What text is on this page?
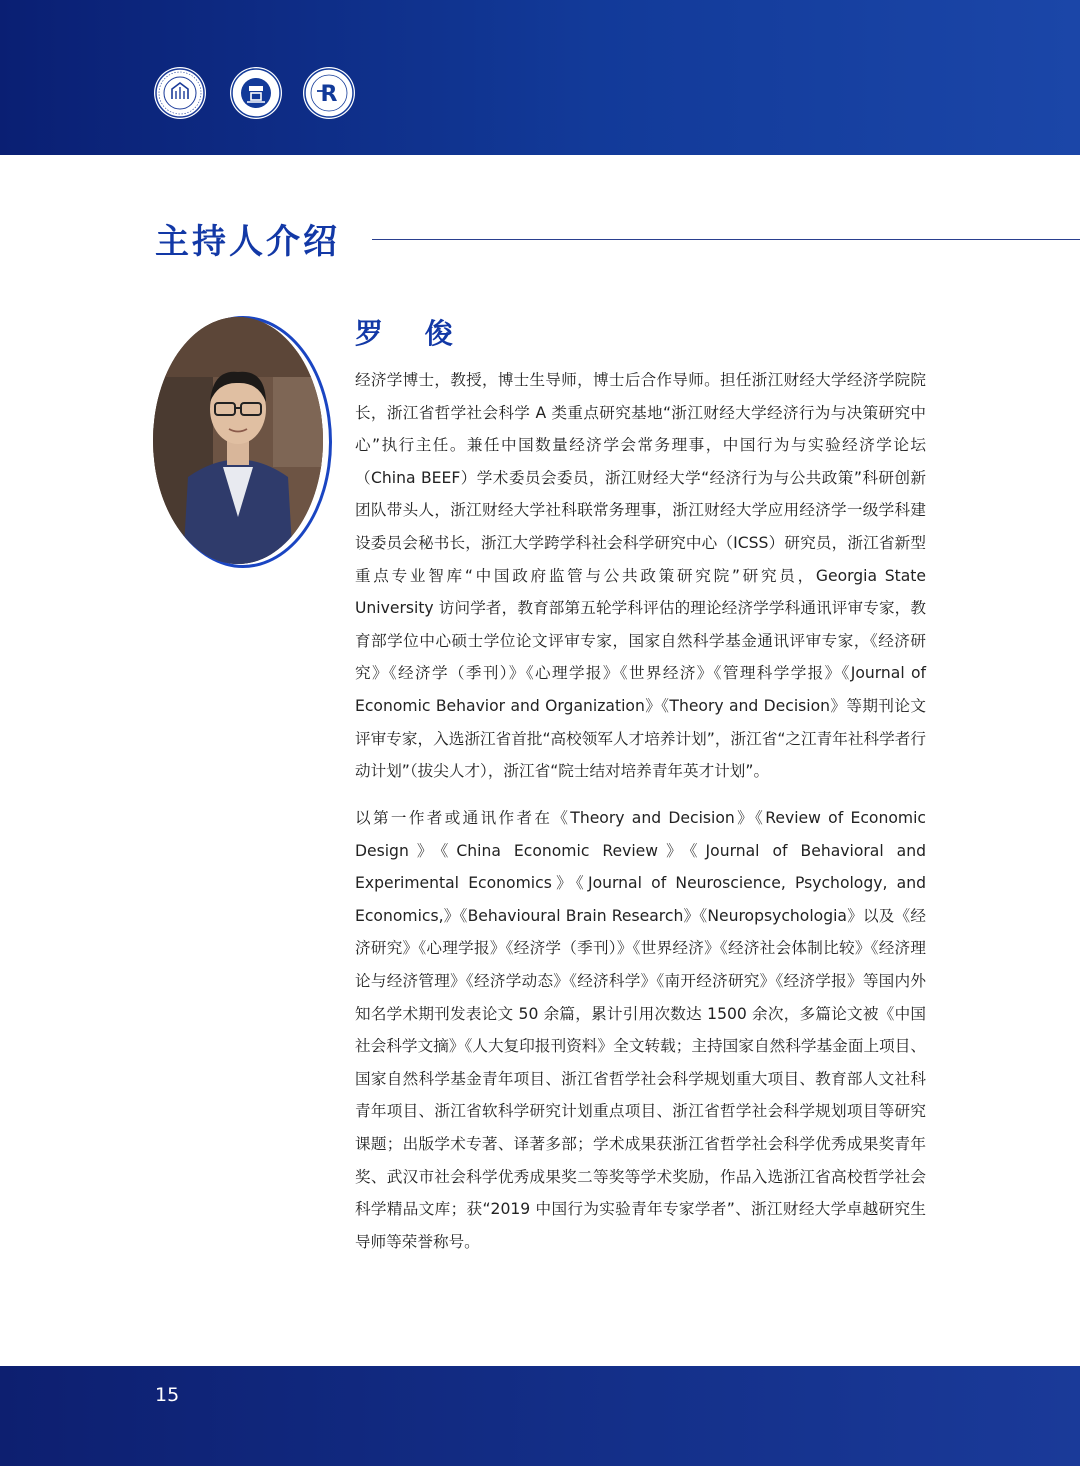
R
主持人介绍
罗 俊

经济学博士，教授，博士生导师，博士后合作导师。担任浙江财经大学经济学院院长，浙江省哲学社会科学 A 类重点研究基地“浙江财经大学经济行为与决策研究中心”执行主任。兼任中国数量经济学会常务理事，中国行为与实验经济学论坛（China BEEF）学术委员会委员，浙江财经大学“经济行为与公共政策”科研创新团队带头人，浙江财经大学社科联常务理事，浙江财经大学应用经济学一级学科建设委员会秘书长，浙江大学跨学科社会科学研究中心（ICSS）研究员，浙江省新型重点专业智库“中国政府监管与公共政策研究院”研究员，Georgia State University 访问学者，教育部第五轮学科评估的理论经济学学科通讯评审专家，教育部学位中心硕士学位论文评审专家，国家自然科学基金通讯评审专家，《经济研究》《经济学（季刊）》《心理学报》《世界经济》《管理科学学报》《Journal of Economic Behavior and Organization》《Theory and Decision》等期刊论文评审专家，入选浙江省首批“高校领军人才培养计划”，浙江省“之江青年社科学者行动计划”（拔尖人才），浙江省“院士结对培养青年英才计划”。

以第一作者或通讯作者在《Theory and Decision》《Review of Economic Design》《China Economic Review》《Journal of Behavioral and Experimental Economics》《Journal of Neuroscience, Psychology, and Economics,》《Behavioural Brain Research》《Neuropsychologia》以及《经济研究》《心理学报》《经济学（季刊）》《世界经济》《经济社会体制比较》《经济理论与经济管理》《经济学动态》《经济科学》《南开经济研究》《经济学报》等国内外知名学术期刊发表论文 50 余篇，累计引用次数达 1500 余次，多篇论文被《中国社会科学文摘》《人大复印报刊资料》全文转载；主持国家自然科学基金面上项目、国家自然科学基金青年项目、浙江省哲学社会科学规划重大项目、教育部人文社科青年项目、浙江省软科学研究计划重点项目、浙江省哲学社会科学规划项目等研究课题；出版学术专著、译著多部；学术成果获浙江省哲学社会科学优秀成果奖青年奖、武汉市社会科学优秀成果奖二等奖等学术奖励，作品入选浙江省高校哲学社会科学精品文库；获“2019 中国行为实验青年专家学者”、浙江财经大学卓越研究生导师等荣誉称号。

15
